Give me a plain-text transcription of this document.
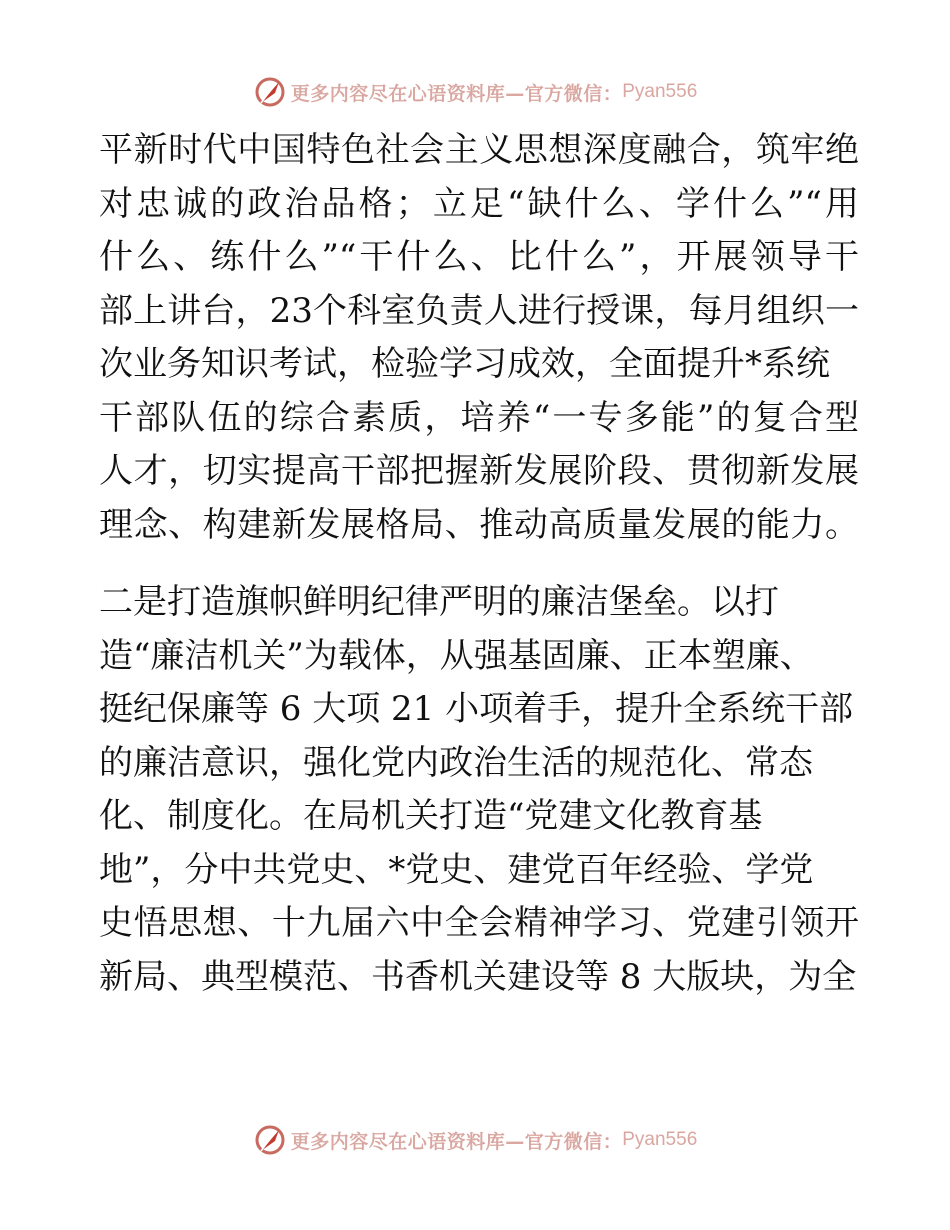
更多内容尽在心语资料库—官方微信： Pyan556
平新时代中国特色社会主义思想深度融合，筑牢绝
对忠诚的政治品格；立足“缺什么、学什么”“用
什么、练什么”“干什么、比什么”，开展领导干
部上讲台，23个科室负责人进行授课，每月组织一
次业务知识考试，检验学习成效，全面提升*系统
干部队伍的综合素质，培养“一专多能”的复合型
人才，切实提高干部把握新发展阶段、贯彻新发展
理念、构建新发展格局、推动高质量发展的能力。
二是打造旗帜鲜明纪律严明的廉洁堡垒。以打
造“廉洁机关”为载体，从强基固廉、正本塑廉、
挺纪保廉等 6 大项 21 小项着手，提升全系统干部
的廉洁意识，强化党内政治生活的规范化、常态
化、制度化。在局机关打造“党建文化教育基
地”，分中共党史、*党史、建党百年经验、学党
史悟思想、十九届六中全会精神学习、党建引领开
新局、典型模范、书香机关建设等 8 大版块，为全
更多内容尽在心语资料库—官方微信： Pyan556
